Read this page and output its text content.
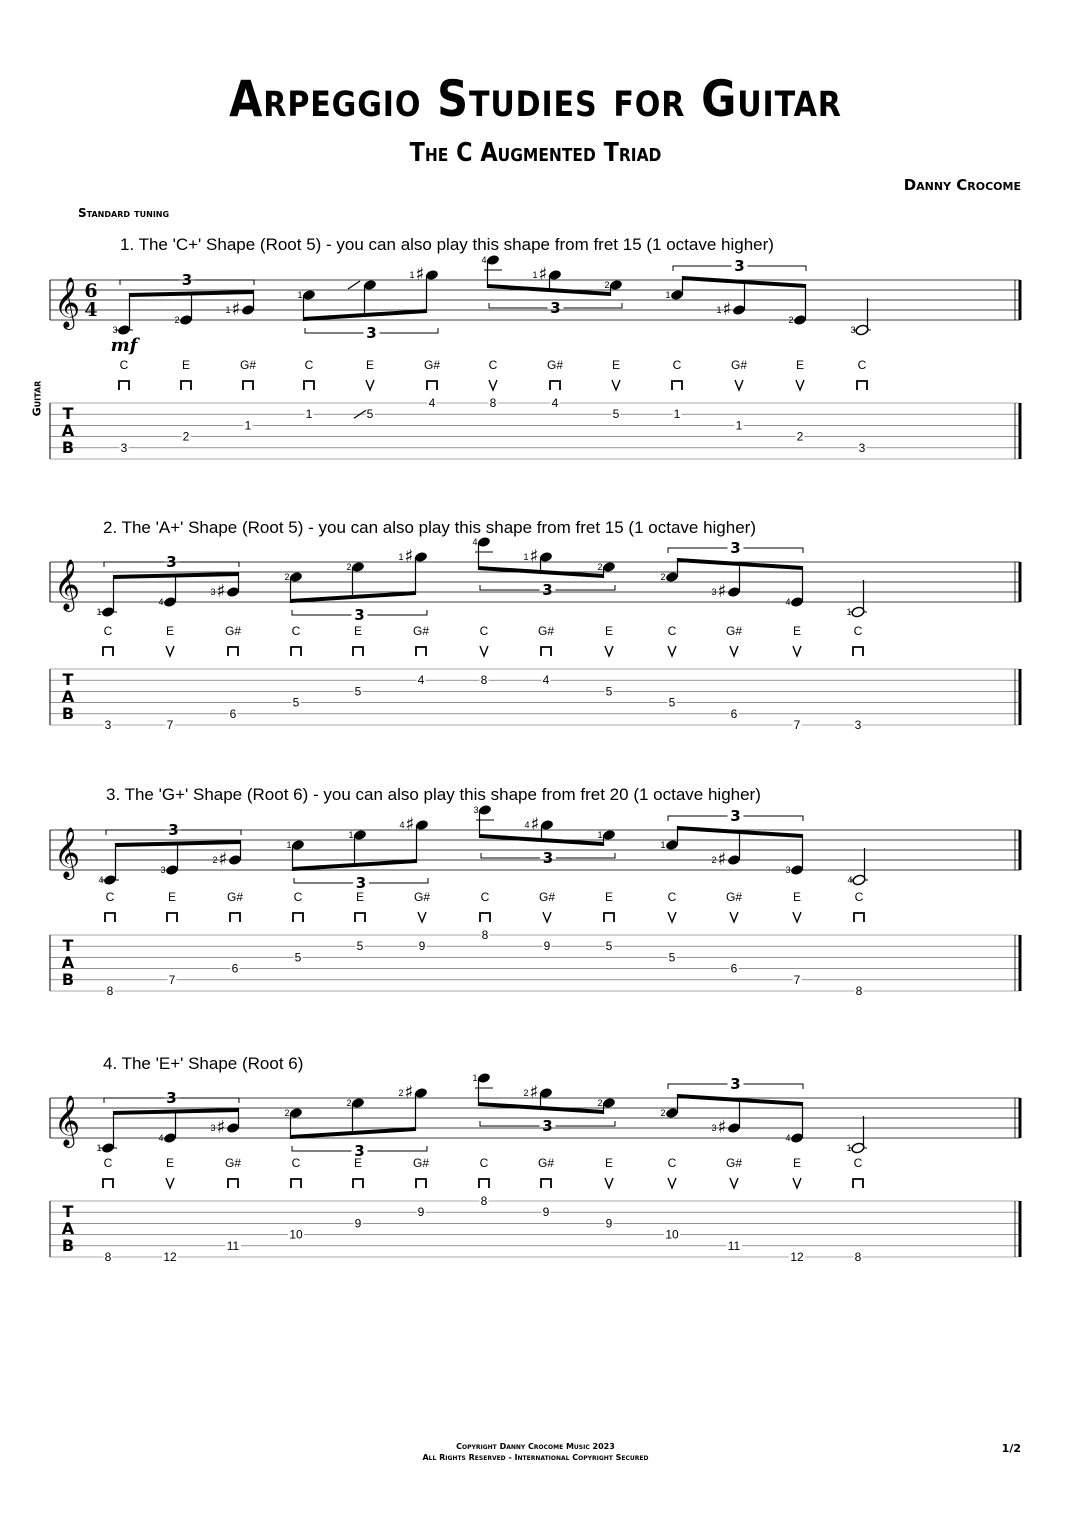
Arpeggio Studies for Guitar
The C Augmented Triad
Danny Crocome
Standard tuning
Guitar
1. The 'C+' Shape (Root 5) - you can also play this shape from fret 15 (1 octave higher)
𝄞 6
4
mf
T
A
B
3
C
3
2
E
2
♯
1
G#
1
1
C
1
E
5
♯
1
G#
4
4
C
8
♯
1
G#
4
2
E
5
1
C
1
♯
1
G#
1
2
E
2
3
C
3
3
3
3
3
2. The 'A+' Shape (Root 5) - you can also play this shape from fret 15 (1 octave higher)
𝄞
T
A
B
1
C
3
4
E
7
♯
3
G#
6
2
C
5
2
E
5
♯
1
G#
4
4
C
8
♯
1
G#
4
2
E
5
2
C
5
♯
3
G#
6
4
E
7
1
C
3
3
3
3
3
3. The 'G+' Shape (Root 6) - you can also play this shape from fret 20 (1 octave higher)
𝄞
T
A
B
4
C
8
3
E
7
♯
2
G#
6
1
C
5
1
E
5
♯
4
G#
9
3
C
8
♯
4
G#
9
1
E
5
1
C
5
♯
2
G#
6
3
E
7
4
C
8
3
3
3
3
4. The 'E+' Shape (Root 6)
𝄞
T
A
B
1
C
8
4
E
12
♯
3
G#
11
2
C
10
2
E
9
♯
2
G#
9
1
C
8
♯
2
G#
9
2
E
9
2
C
10
♯
3
G#
11
4
E
12
1
C
8
3
3
3
3
Copyright Danny Crocome Music 2023
All Rights Reserved - International Copyright Secured
1/2
